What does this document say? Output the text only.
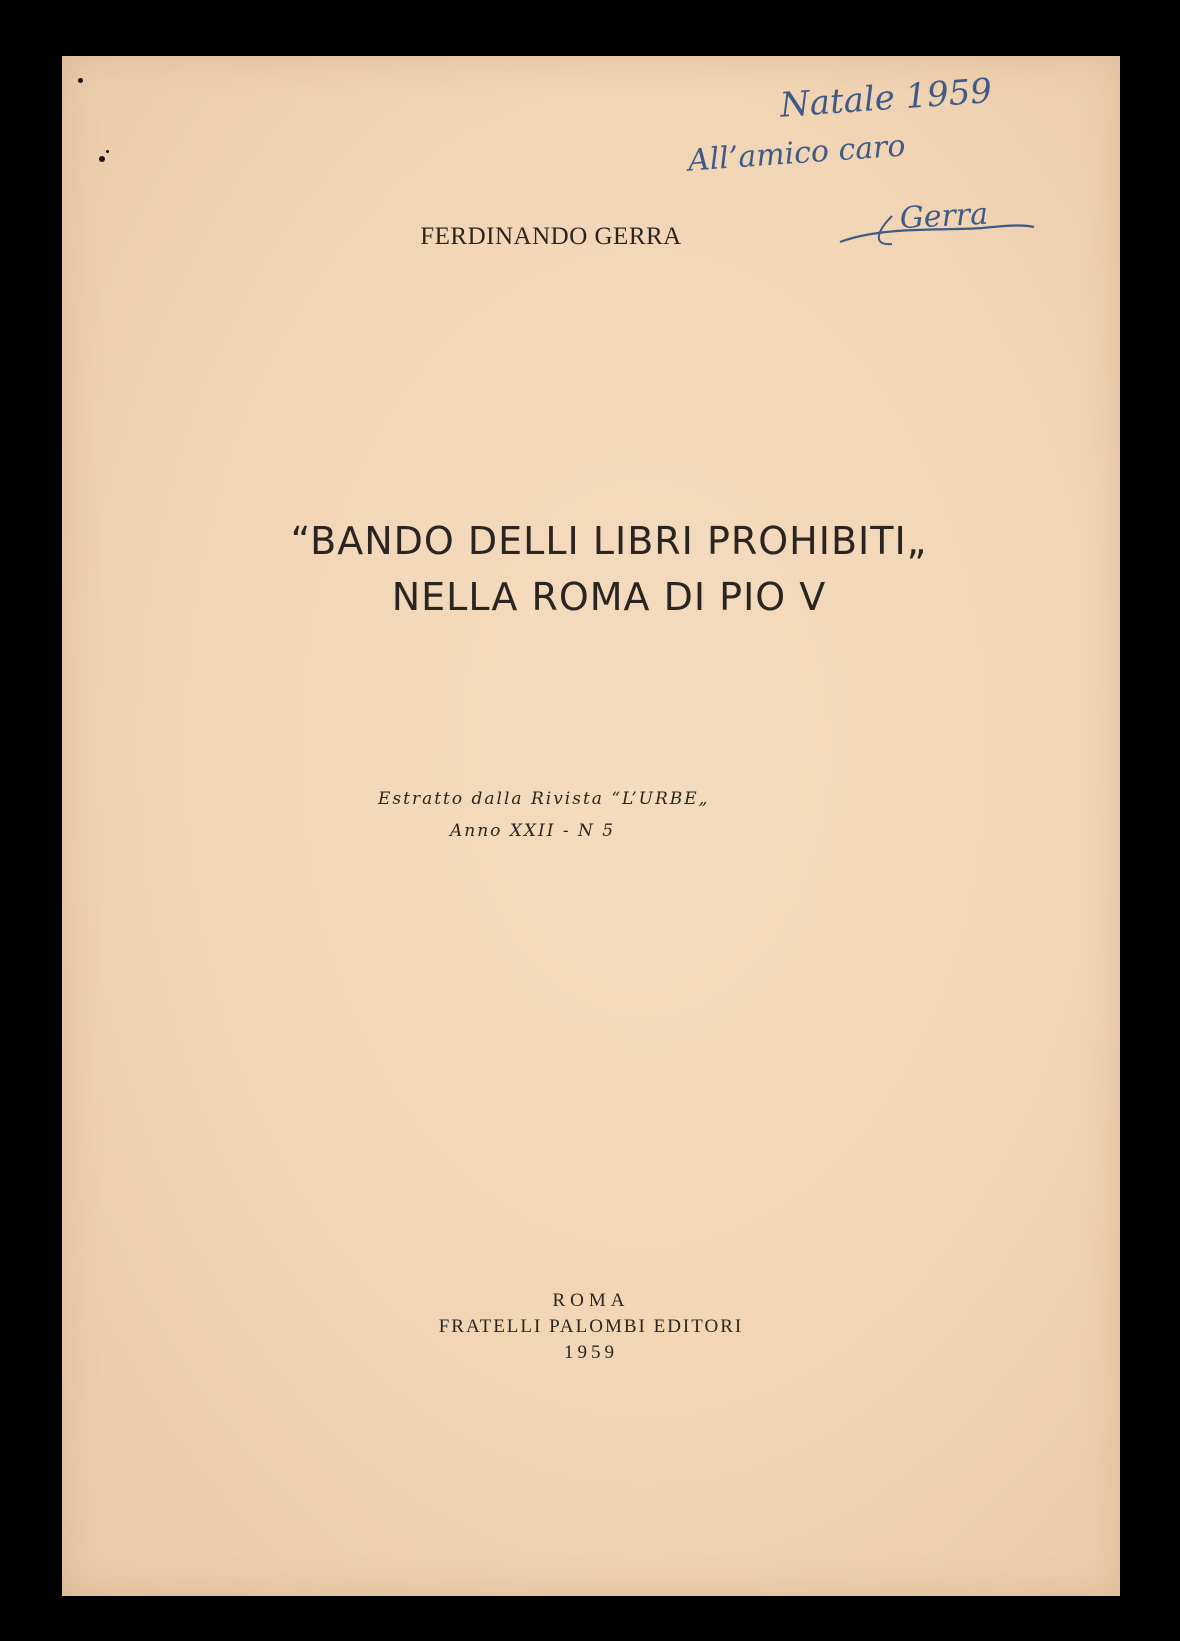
Natale 1959
All’amico caro
Gerra
FERDINANDO GERRA
“BANDO DELLI LIBRI PROHIBITI„
NELLA ROMA DI PIO V
Estratto dalla Rivista “L’URBE„
Anno XXII - N 5
ROMA
FRATELLI PALOMBI EDITORI
1959
